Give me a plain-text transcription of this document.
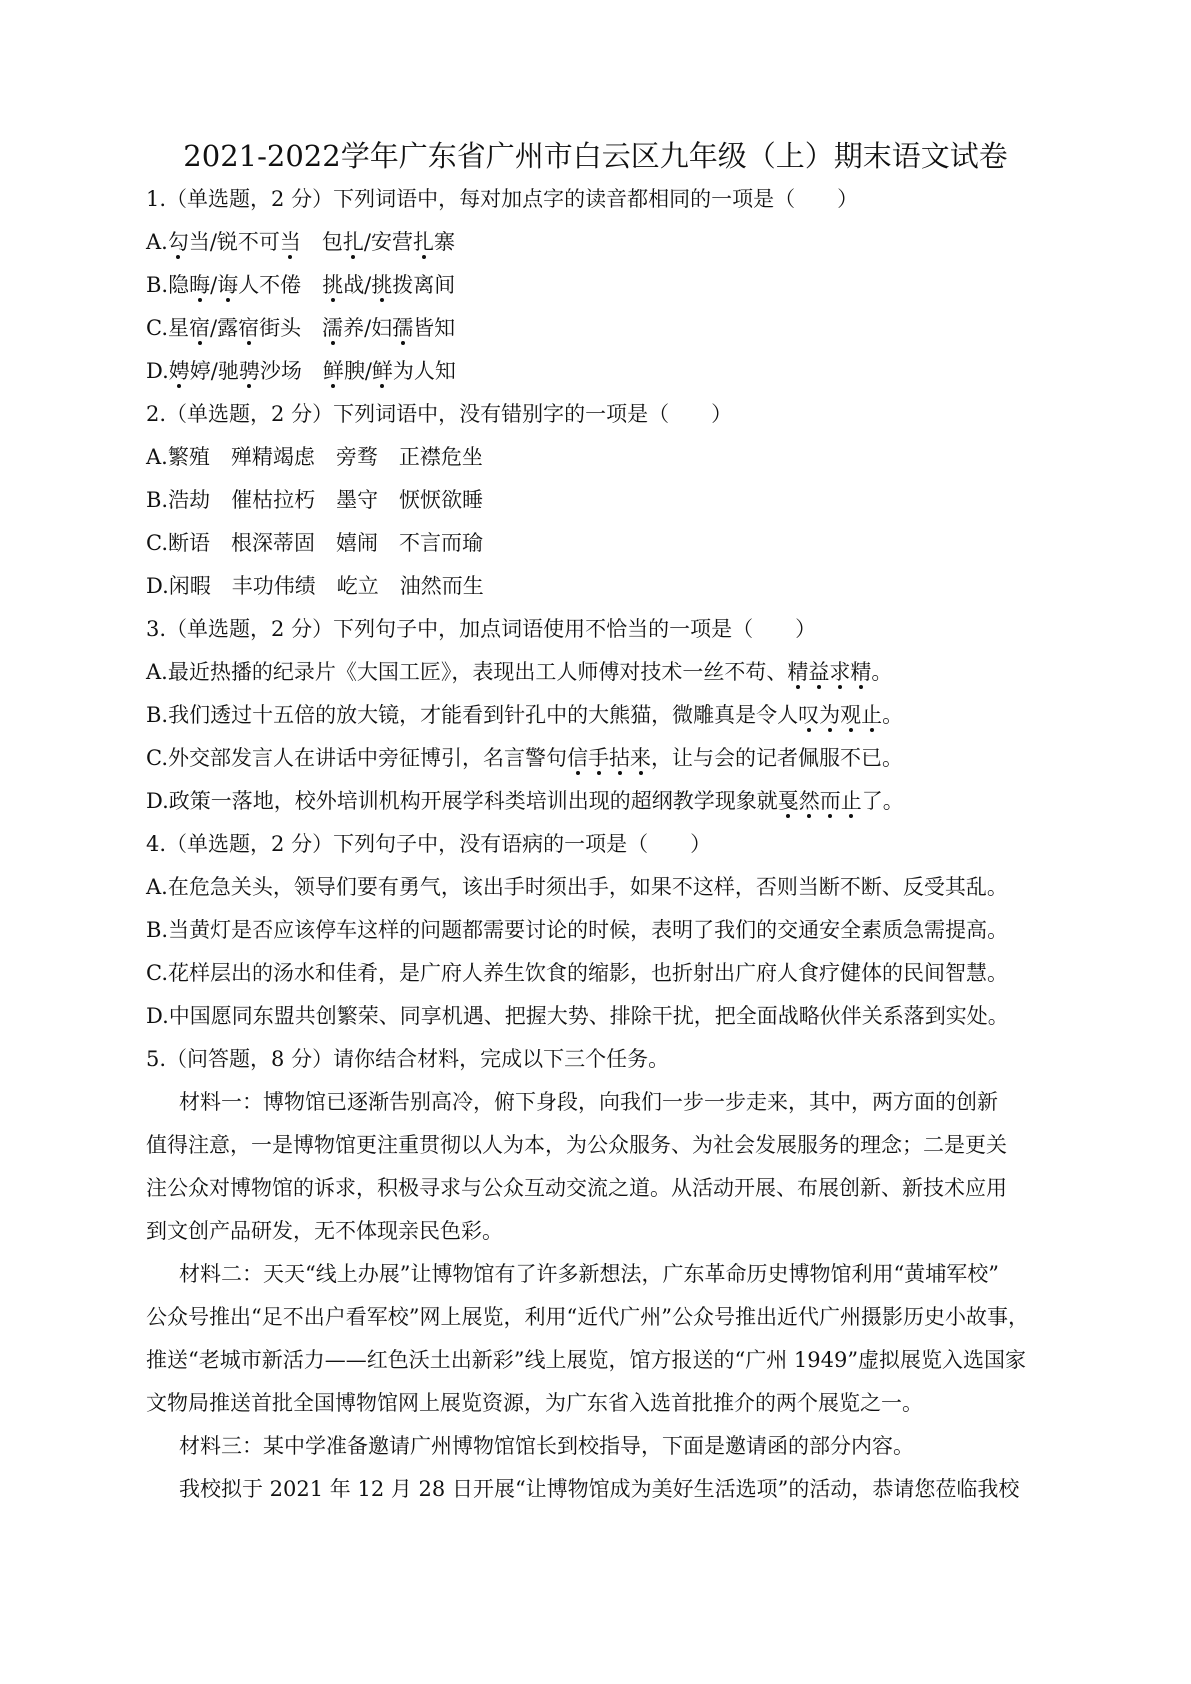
2021-2022学年广东省广州市白云区九年级（上）期末语文试卷
1.（单选题，2 分）下列词语中，每对加点字的读音都相同的一项是（　　）
A.勾当/锐不可当　包扎/安营扎寨
B.隐晦/诲人不倦　挑战/挑拨离间
C.星宿/露宿街头　濡养/妇孺皆知
D.娉婷/驰骋沙场　鲜腴/鲜为人知
2.（单选题，2 分）下列词语中，没有错别字的一项是（　　）
A.繁殖　殚精竭虑　旁骛　正襟危坐
B.浩劫　催枯拉朽　墨守　恹恹欲睡
C.断语　根深蒂固　嬉闹　不言而瑜
D.闲暇　丰功伟绩　屹立　油然而生
3.（单选题，2 分）下列句子中，加点词语使用不恰当的一项是（　　）
A.最近热播的纪录片《大国工匠》，表现出工人师傅对技术一丝不苟、精益求精。
B.我们透过十五倍的放大镜，才能看到针孔中的大熊猫，微雕真是令人叹为观止。
C.外交部发言人在讲话中旁征博引，名言警句信手拈来，让与会的记者佩服不已。
D.政策一落地，校外培训机构开展学科类培训出现的超纲教学现象就戛然而止了。
4.（单选题，2 分）下列句子中，没有语病的一项是（　　）
A.在危急关头，领导们要有勇气，该出手时须出手，如果不这样，否则当断不断、反受其乱。
B.当黄灯是否应该停车这样的问题都需要讨论的时候，表明了我们的交通安全素质急需提高。
C.花样层出的汤水和佳肴，是广府人养生饮食的缩影，也折射出广府人食疗健体的民间智慧。
D.中国愿同东盟共创繁荣、同享机遇、把握大势、排除干扰，把全面战略伙伴关系落到实处。
5.（问答题，8 分）请你结合材料，完成以下三个任务。
材料一：博物馆已逐渐告别高冷，俯下身段，向我们一步一步走来，其中，两方面的创新
值得注意，一是博物馆更注重贯彻以人为本，为公众服务、为社会发展服务的理念；二是更关
注公众对博物馆的诉求，积极寻求与公众互动交流之道。从活动开展、布展创新、新技术应用
到文创产品研发，无不体现亲民色彩。
材料二：天天“线上办展”让博物馆有了许多新想法，广东革命历史博物馆利用“黄埔军校”
公众号推出“足不出户看军校”网上展览，利用“近代广州”公众号推出近代广州摄影历史小故事，
推送“老城市新活力——红色沃土出新彩”线上展览，馆方报送的“广州 1949”虚拟展览入选国家
文物局推送首批全国博物馆网上展览资源，为广东省入选首批推介的两个展览之一。
材料三：某中学准备邀请广州博物馆馆长到校指导，下面是邀请函的部分内容。
我校拟于 2021 年 12 月 28 日开展“让博物馆成为美好生活选项”的活动，恭请您莅临我校
